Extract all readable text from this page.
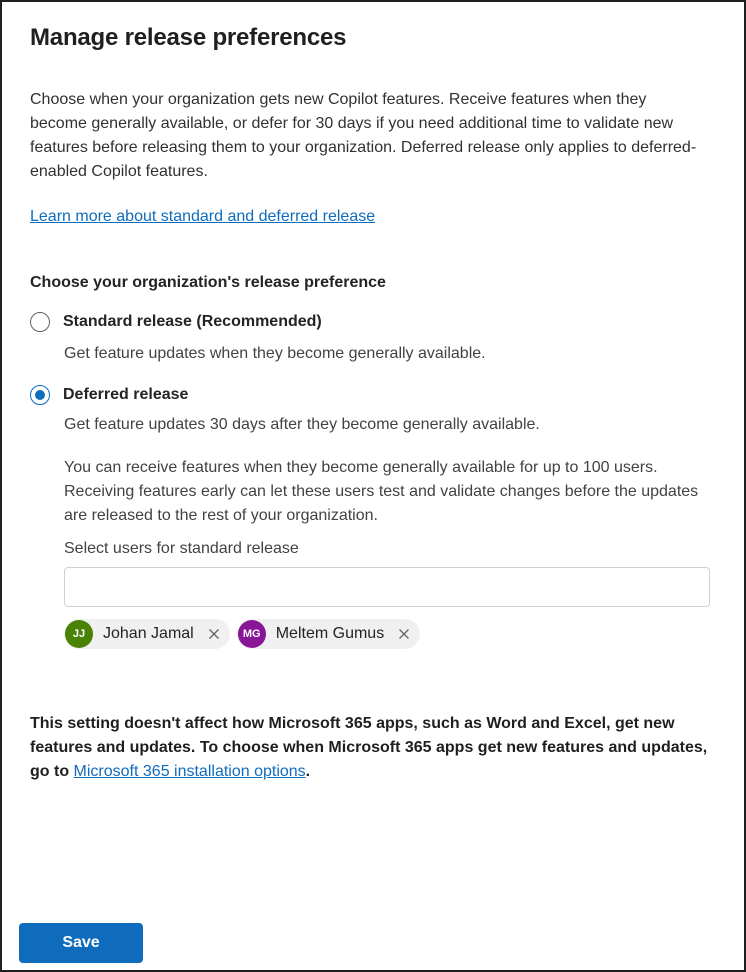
Manage release preferences
Choose when your organization gets new Copilot features. Receive features when they become generally available, or defer for 30 days if you need additional time to validate new features before releasing them to your organization. Deferred release only applies to deferred-enabled Copilot features.
Learn more about standard and deferred release
Choose your organization's release preference
Standard release (Recommended)
Get feature updates when they become generally available.
Deferred release
Get feature updates 30 days after they become generally available.
You can receive features when they become generally available for up to 100 users. Receiving features early can let these users test and validate changes before the updates are released to the rest of your organization.
Select users for standard release
JJ	Johan Jamal	MG Meltem Gumus
This setting doesn't affect how Microsoft 365 apps, such as Word and Excel, get new features and updates. To choose when Microsoft 365 apps get new features and updates, go to Microsoft 365 installation options.
Save
